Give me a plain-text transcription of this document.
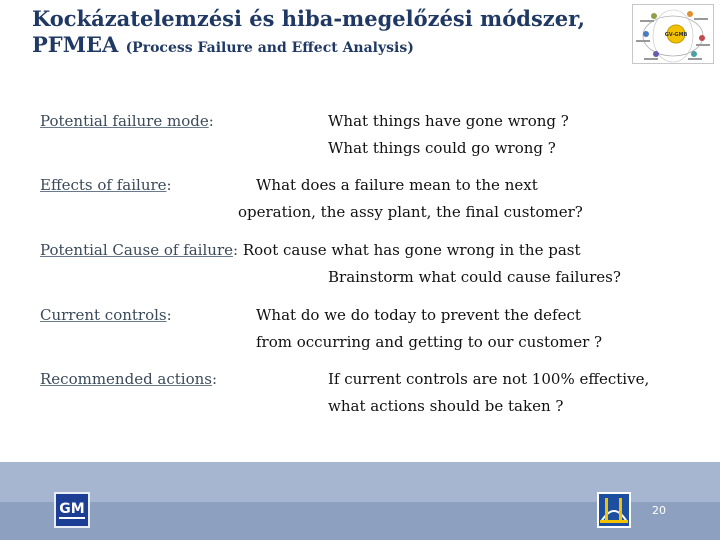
Kockázatelemzési és hiba-megelőzési módszer,
PFMEA (Process Failure and Effect Analysis)
GV-GMB
Potential failure mode:	What things have gone wrong ?
What things could go wrong ?
Effects of failure:	What does a failure mean to the next
operation, the assy plant, the final customer?
Potential Cause of failure: Root cause what has gone wrong in the past
Brainstorm what could cause failures?
Current controls:	What do we do today to prevent the defect
from occurring and getting to our customer ?
Recommended actions:	If current controls are not 100% effective,
what actions should be taken ?
GM	20
